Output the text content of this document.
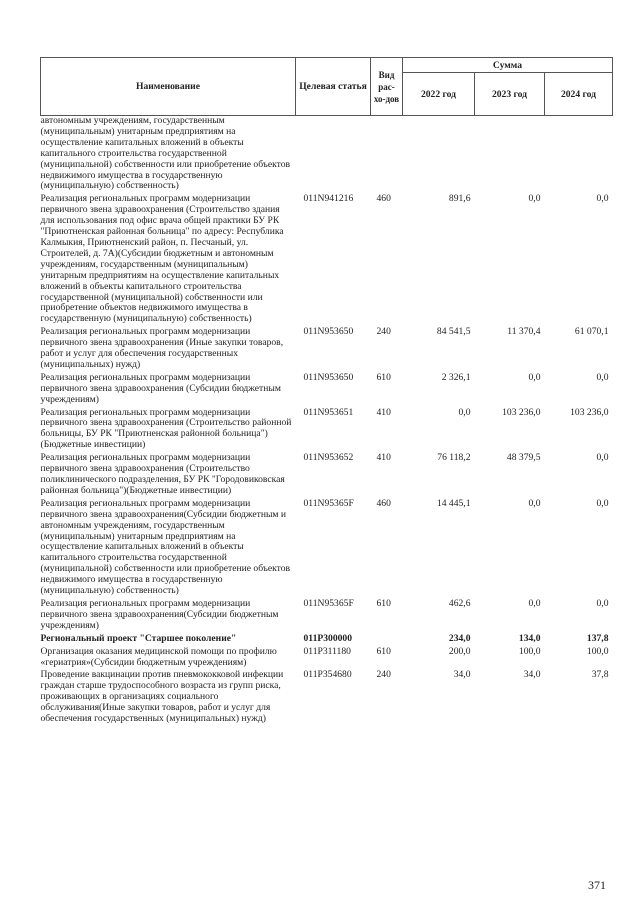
Наименование	Целевая статья	Вид рас-хо-дов	Сумма		
			2022 год	2023 год	2024 год
автономным учреждениям, государственным (муниципальным) унитарным предприятиям на осуществление капитальных вложений в объекты капитального строительства государственной (муниципальной) собственности или приобретение объектов недвижимого имущества в государственную (муниципальную) собственность)					
Реализация региональных программ модернизации первичного звена здравоохранения (Строительство здания для использования под офис врача общей практики БУ РК "Приютненская районная больница" по адресу: Республика Калмыкия, Приютненский район, п. Песчаный, ул. Строителей, д. 7А)(Субсидии бюджетным и автономным учреждениям, государственным (муниципальным) унитарным предприятиям на осуществление капитальных вложений в объекты капитального строительства государственной (муниципальной) собственности или приобретение объектов недвижимого имущества в государственную (муниципальную) собственность)	011N941216	460	891,6	0,0	0,0
Реализация региональных программ модернизации первичного звена здравоохранения (Иные закупки товаров, работ и услуг для обеспечения государственных (муниципальных) нужд)	011N953650	240	84 541,5	11 370,4	61 070,1
Реализация региональных программ модернизации первичного звена здравоохранения (Субсидии бюджетным учреждениям)	011N953650	610	2 326,1	0,0	0,0
Реализация региональных программ модернизации первичного звена здравоохранения (Строительство районной больницы, БУ РК "Приютненская районной больница")(Бюджетные инвестиции)	011N953651	410	0,0	103 236,0	103 236,0
Реализация региональных программ модернизации первичного звена здравоохранения (Строительство поликлинического подразделения, БУ РК "Городовиковская районная больница")(Бюджетные инвестиции)	011N953652	410	76 118,2	48 379,5	0,0
Реализация региональных программ модернизации первичного звена здравоохранения(Субсидии бюджетным и автономным учреждениям, государственным (муниципальным) унитарным предприятиям на осуществление капитальных вложений в объекты капитального строительства государственной (муниципальной) собственности или приобретение объектов недвижимого имущества в государственную (муниципальную) собственность)	011N95365F	460	14 445,1	0,0	0,0
Реализация региональных программ модернизации первичного звена здравоохранения(Субсидии бюджетным учреждениям)	011N95365F	610	462,6	0,0	0,0
Региональный проект "Старшее поколение"	011P300000		234,0	134,0	137,8
Организация оказания медицинской помощи по профилю «гериатрия»(Субсидии бюджетным учреждениям)	011P311180	610	200,0	100,0	100,0
Проведение вакцинации против пневмококковой инфекции граждан старше трудоспособного возраста из групп риска, проживающих в организациях социального обслуживания(Иные закупки товаров, работ и услуг для обеспечения государственных (муниципальных) нужд)	011P354680	240	34,0	34,0	37,8
371
